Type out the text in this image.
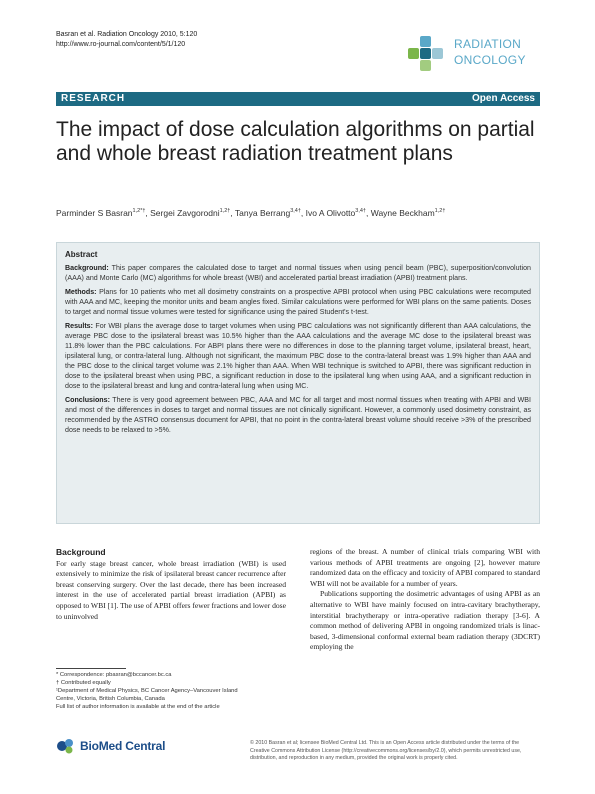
Basran et al. Radiation Oncology 2010, 5:120
http://www.ro-journal.com/content/5/1/120	RADIATION
ONCOLOGY
RESEARCH	Open Access
The impact of dose calculation algorithms on partial and whole breast radiation treatment plans
Parminder S Basran$^{1,2*\dagger}$, Sergei Zavgorodni$^{1,2\dagger}$, Tanya Berrang$^{3,4\dagger}$, Ivo A Olivotto$^{3,4\dagger}$, Wayne Beckham$^{1,2\dagger}$
Abstract

Background: This paper compares the calculated dose to target and normal tissues when using pencil beam (PBC), superposition/convolution (AAA) and Monte Carlo (MC) algorithms for whole breast (WBI) and accelerated partial breast irradiation (APBI) treatment plans.

Methods: Plans for 10 patients who met all dosimetry constraints on a prospective APBI protocol when using PBC calculations were recomputed with AAA and MC, keeping the monitor units and beam angles fixed. Similar calculations were performed for WBI plans on the same patients. Doses to target and normal tissue volumes were tested for significance using the paired Student's t-test.

Results: For WBI plans the average dose to target volumes when using PBC calculations was not significantly different than AAA calculations, the average PBC dose to the ipsilateral breast was 10.5% higher than the AAA calculations and the average MC dose to the ipsilateral breast was 11.8% lower than the PBC calculations. For ABPI plans there were no differences in dose to the planning target volume, ipsilateral breast, heart, ipsilateral lung, or contra-lateral lung. Although not significant, the maximum PBC dose to the contra-lateral breast was 1.9% higher than AAA and the PBC dose to the clinical target volume was 2.1% higher than AAA. When WBI technique is switched to APBI, there was significant reduction in dose to the ipsilateral breast when using PBC, a significant reduction in dose to the ipsilateral lung when using AAA, and a significant reduction in dose to the ipsilateral breast and lung and contra-lateral lung when using MC.

Conclusions: There is very good agreement between PBC, AAA and MC for all target and most normal tissues when treating with APBI and WBI and most of the differences in doses to target and normal tissues are not clinically significant. However, a commonly used dosimetry constraint, as recommended by the ASTRO consensus document for APBI, that no point in the contra-lateral breast volume should receive >3% of the prescribed dose needs to be relaxed to >5%.

Background

For early stage breast cancer, whole breast irradiation (WBI) is used extensively to minimize the risk of ipsilateral breast cancer recurrence after breast conserving surgery. Over the last decade, there has been increased interest in the use of accelerated partial breast irradiation (APBI) as opposed to WBI [1]. The use of APBI offers fewer fractions and lower dose to uninvolved

regions of the breast. A number of clinical trials comparing WBI with various methods of APBI treatments are ongoing [2], however mature randomized data on the efficacy and toxicity of APBI compared to standard WBI will not be available for a number of years.

Publications supporting the dosimetric advantages of using APBI as an alternative to WBI have mainly focused on intra-cavitary brachytherapy, interstitial brachytherapy or intra-operative radiation therapy [3-6]. A common method of delivering APBI in ongoing randomized trials is linac-based, 3-dimensional conformal external beam radiation therapy (3DCRT) employing the

* Correspondence: pbasran@bccancer.bc.ca

† Contributed equally

¹Department of Medical Physics, BC Cancer Agency–Vancouver Island

Centre, Victoria, British Columbia, Canada

Full list of author information is available at the end of the article

BioMed Central	© 2010 Basran et al; licensee BioMed Central Ltd. This is an Open Access article distributed under the terms of the Creative Commons Attribution License (http://creativecommons.org/licenses/by/2.0), which permits unrestricted use, distribution, and reproduction in any medium, provided the original work is properly cited.
